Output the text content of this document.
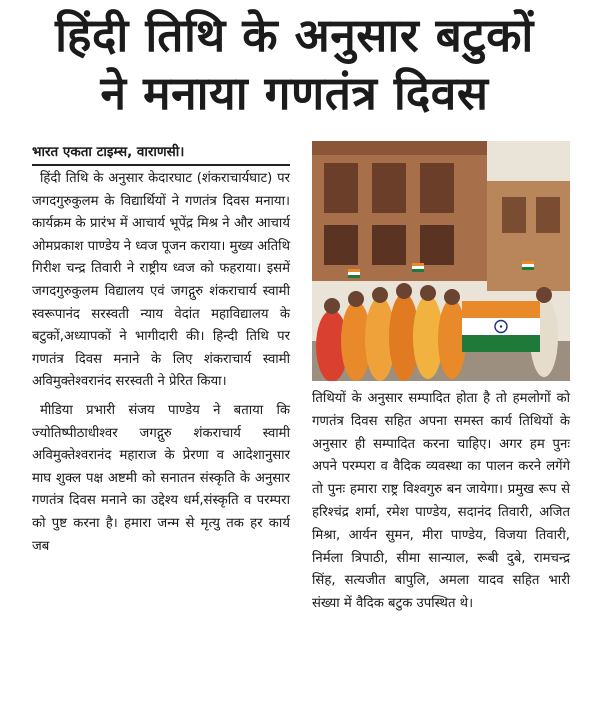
हिंदी तिथि के अनुसार बटुकों
ने मनाया गणतंत्र दिवस
भारत एकता टाइम्स, वाराणसी।

हिंदी तिथि के अनुसार केदारघाट (शंकराचार्यघाट) पर जगदगुरुकुलम के विद्यार्थियों ने गणतंत्र दिवस मनाया। कार्यक्रम के प्रारंभ में आचार्य भूपेंद्र मिश्र ने और आचार्य ओमप्रकाश पाण्डेय ने ध्वज पूजन कराया। मुख्य अतिथि गिरीश चन्द्र तिवारी ने राष्ट्रीय ध्वज को फहराया। इसमें जगदगुरुकुलम विद्यालय एवं जगद्गुरु शंकराचार्य स्वामी स्वरूपानंद सरस्वती न्याय वेदांत महाविद्यालय के बटुकों,अध्यापकों ने भागीदारी की। हिन्दी तिथि पर गणतंत्र दिवस मनाने के लिए शंकराचार्य स्वामी अविमुक्तेश्वरानंद सरस्वती ने प्रेरित किया।

मीडिया प्रभारी संजय पाण्डेय ने बताया कि ज्योतिष्पीठाधीश्वर जगद्गुरु शंकराचार्य स्वामी अविमुक्तेश्वरानंद महाराज के प्रेरणा व आदेशानुसार माघ शुक्ल पक्ष अष्टमी को सनातन संस्कृति के अनुसार गणतंत्र दिवस मनाने का उद्देश्य धर्म,संस्कृति व परम्परा को पुष्ट करना है। हमारा जन्म से मृत्यु तक हर कार्य जब

तिथियों के अनुसार सम्पादित होता है तो हमलोगों को गणतंत्र दिवस सहित अपना समस्त कार्य तिथियों के अनुसार ही सम्पादित करना चाहिए। अगर हम पुनः अपने परम्परा व वैदिक व्यवस्था का पालन करने लगेंगे तो पुनः हमारा राष्ट्र विश्वगुरु बन जायेगा। प्रमुख रूप से हरिश्चंद्र शर्मा, रमेश पाण्डेय, सदानंद तिवारी, अजित मिश्रा, आर्यन सुमन, मीरा पाण्डेय, विजया तिवारी, निर्मला त्रिपाठी, सीमा सान्याल, रूबी दुबे, रामचन्द्र सिंह, सत्यजीत बापुलि, अमला यादव सहित भारी संख्या में वैदिक बटुक उपस्थित थे।
